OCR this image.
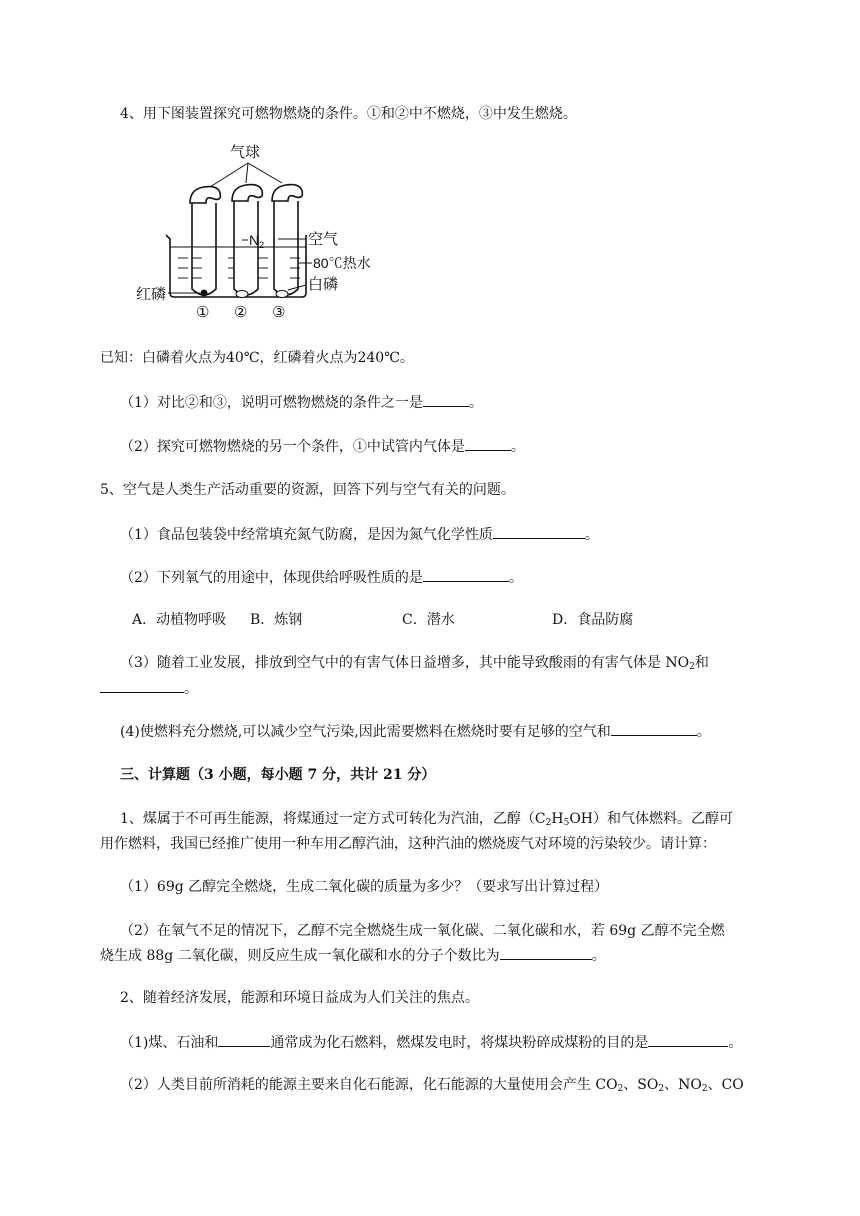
4、用下图装置探究可燃物燃烧的条件。①和②中不燃烧，③中发生燃烧。
气球
$N_2$	空气
80℃热水
白磷
红磷
① ② ③
已知：白磷着火点为40℃，红磷着火点为240℃。
（1）对比②和③，说明可燃物燃烧的条件之一是	。
（2）探究可燃物燃烧的另一个条件，①中试管内气体是	。
5、空气是人类生产活动重要的资源，回答下列与空气有关的问题。
（1）食品包装袋中经常填充氮气防腐，是因为氮气化学性质	。
（2）下列氧气的用途中，体现供给呼吸性质的是	。
A．动植物呼吸 B．炼钢	C．潜水	D．食品防腐
（3）随着工业发展，排放到空气中的有害气体日益增多，其中能导致酸雨的有害气体是 $NO_2$和
。
(4)使燃料充分燃烧,可以减少空气污染,因此需要燃料在燃烧时要有足够的空气和	。
三、计算题（3 小题，每小题 7 分，共计 21 分）
1、煤属于不可再生能源，将煤通过一定方式可转化为汽油，乙醇$(C_2H_5OH)$和气体燃料。乙醇可
用作燃料，我国已经推广使用一种车用乙醇汽油，这种汽油的燃烧废气对环境的污染较少。请计算：
（1）69g 乙醇完全燃烧，生成二氧化碳的质量为多少？（要求写出计算过程）
（2）在氧气不足的情况下，乙醇不完全燃烧生成一氧化碳、二氧化碳和水，若 69g 乙醇不完全燃
烧生成 88g 二氧化碳，则反应生成一氧化碳和水的分子个数比为	。
2、随着经济发展，能源和环境日益成为人们关注的焦点。
（1)煤、石油和	通常成为化石燃料，燃煤发电时，将煤块粉碎成煤粉的目的是	。
（2）人类目前所消耗的能源主要来自化石能源，化石能源的大量使用会产生 $CO_2$、$SO_2$、$NO_2$、CO
